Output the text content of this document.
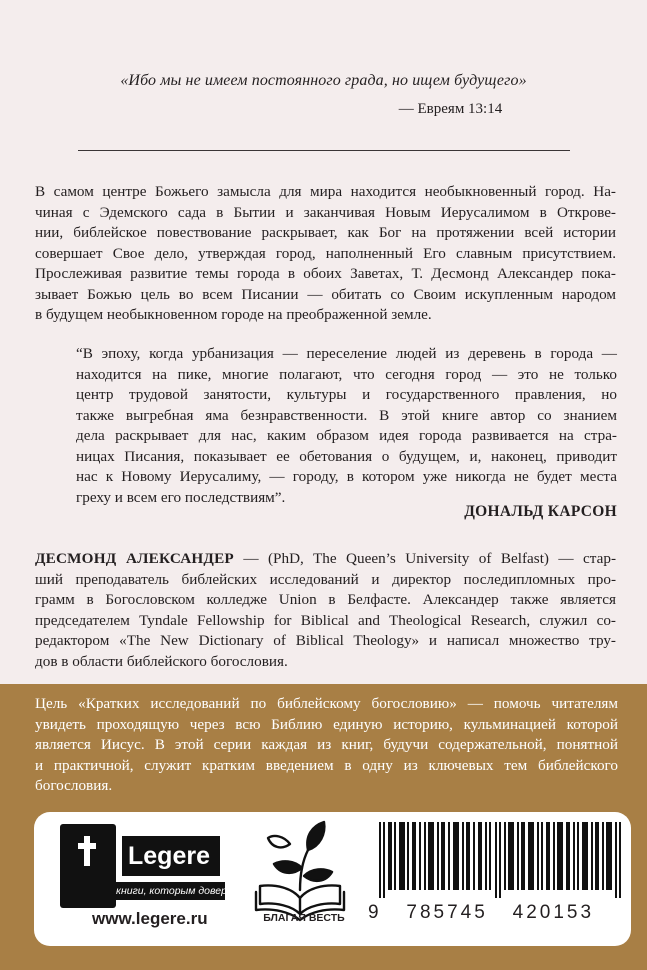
«Ибо мы не имеем постоянного града, но ищем будущего»
— Евреям 13:14
В самом центре Божьего замысла для мира находится необыкновенный город. На-
чиная с Эдемского сада в Бытии и заканчивая Новым Иерусалимом в Открове-
нии, библейское повествование раскрывает, как Бог на протяжении всей истории
совершает Свое дело, утверждая город, наполненный Его славным присутствием.
Прослеживая развитие темы города в обоих Заветах, Т. Десмонд Александер пока-
зывает Божью цель во всем Писании — обитать со Своим искупленным народом
в будущем необыкновенном городе на преображенной земле.
“В эпоху, когда урбанизация — переселение людей из деревень в города —
находится на пике, многие полагают, что сегодня город — это не только
центр трудовой занятости, культуры и государственного правления, но
также выгребная яма безнравственности. В этой книге автор со знанием
дела раскрывает для нас, каким образом идея города развивается на стра-
ницах Писания, показывает ее обетования о будущем, и, наконец, приводит
нас к Новому Иерусалиму, — городу, в котором уже никогда не будет места
греху и всем его последствиям”.
ДОНАЛЬД КАРСОН
ДЕСМОНД АЛЕКСАНДЕР — (PhD, The Queen’s University of Belfast) — стар-
ший преподаватель библейских исследований и директор последипломных про-
грамм в Богословском колледже Union в Белфасте. Александер также является
председателем Tyndale Fellowship for Biblical and Theological Research, служил со-
редактором «The New Dictionary of Biblical Theology» и написал множество тру-
дов в области библейского богословия.
Цель «Кратких исследований по библейскому богословию» — помочь читателям
увидеть проходящую через всю Библию единую историю, кульминацией которой
является Иисус. В этой серии каждая из книг, будучи содержательной, понятной
и практичной, служит кратким введением в одну из ключевых тем библейского
богословия.
Legere
книги, которым доверяют
www.legere.ru	БЛАГАЯ ВЕСТЬ 9   785745   420153
